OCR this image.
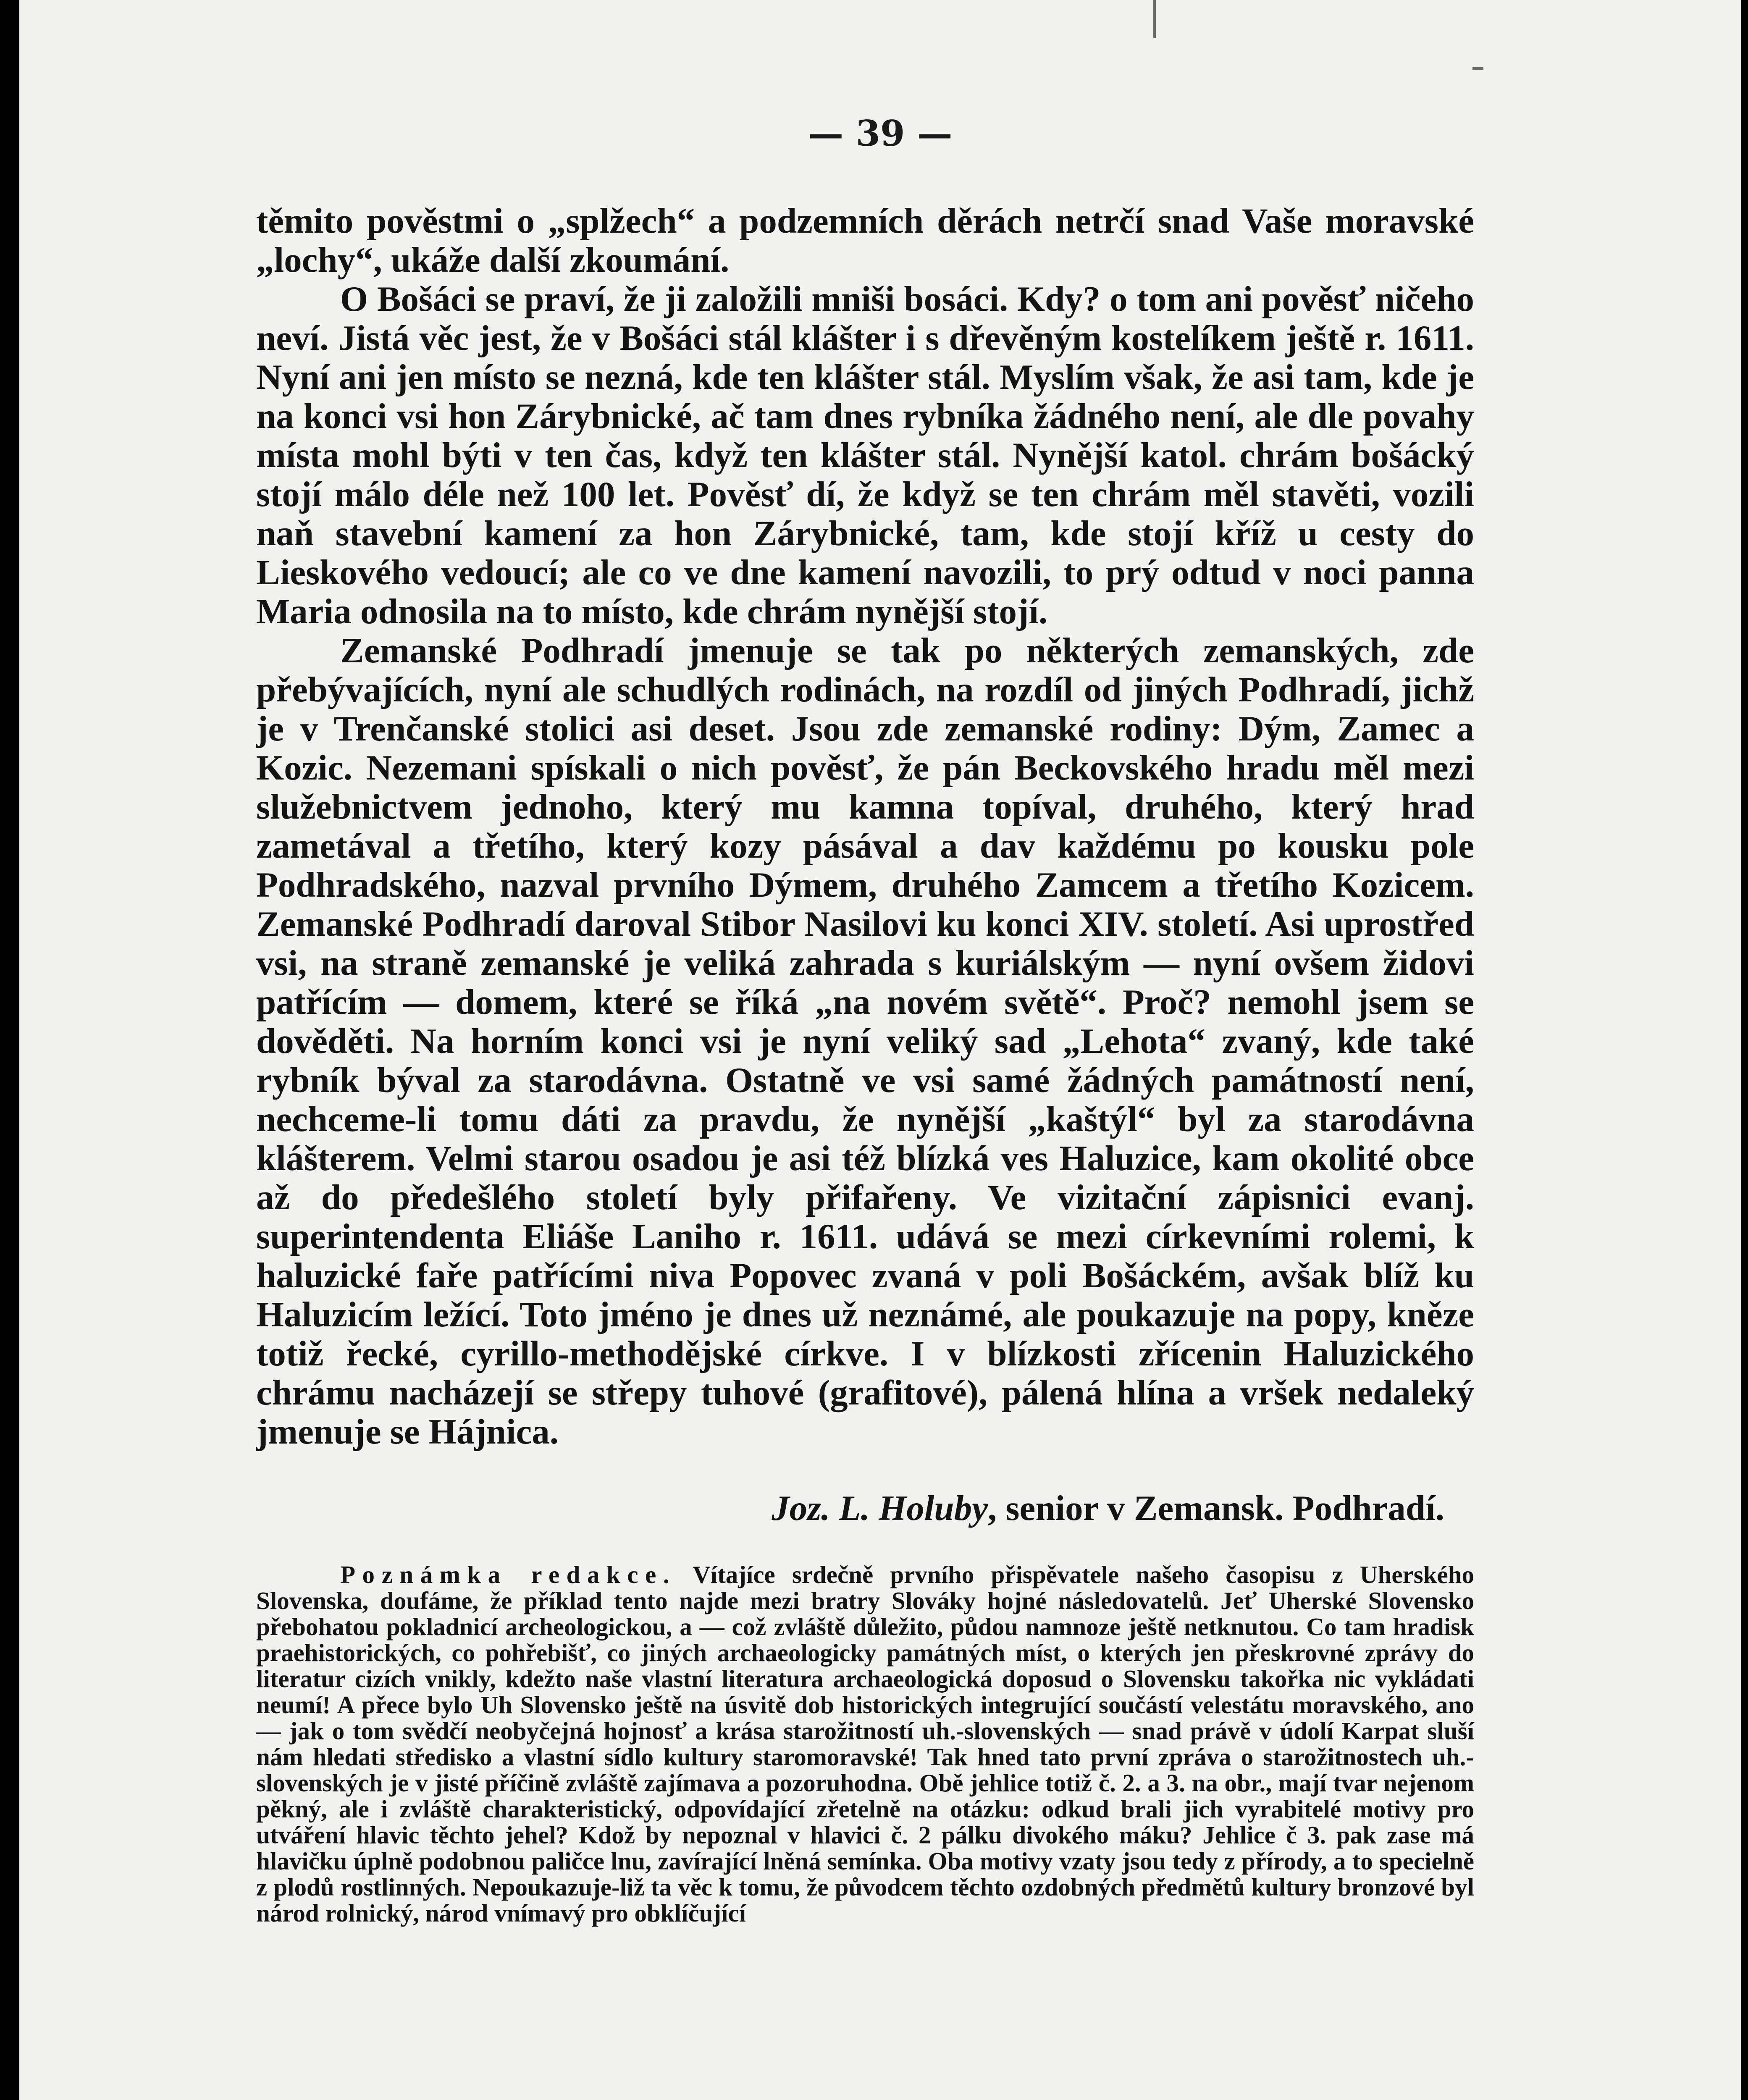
— 39 —

těmito pověstmi o „splžech“ a podzemních děrách netrčí snad Vaše moravské „lochy“, ukáže další zkoumání.

O Bošáci se praví, že ji založili mniši bosáci. Kdy? o tom ani pověsť ničeho neví. Jistá věc jest, že v Bošáci stál klášter i s dřevěným kostelíkem ještě r. 1611. Nyní ani jen místo se nezná, kde ten klášter stál. Myslím však, že asi tam, kde je na konci vsi hon Zárybnické, ač tam dnes rybníka žádného není, ale dle povahy místa mohl býti v ten čas, když ten klášter stál. Nynější katol. chrám bošácký stojí málo déle než 100 let. Pověsť dí, že když se ten chrám měl stavěti, vozili naň stavební kamení za hon Zárybnické, tam, kde stojí kříž u cesty do Lieskového vedoucí; ale co ve dne kamení navozili, to prý odtud v noci panna Maria odnosila na to místo, kde chrám nynější stojí.

Zemanské Podhradí jmenuje se tak po některých zemanských, zde přebývajících, nyní ale schudlých rodinách, na rozdíl od jiných Podhradí, jichž je v Trenčanské stolici asi deset. Jsou zde zemanské rodiny: Dým, Zamec a Kozic. Nezemani spískali o nich pověsť, že pán Beckovského hradu měl mezi služebnictvem jednoho, který mu kamna topíval, druhého, který hrad zametával a třetího, který kozy pásával a dav každému po kousku pole Podhradského, nazval prvního Dýmem, druhého Zamcem a třetího Kozicem. Zemanské Podhradí daroval Stibor Nasilovi ku konci XIV. století. Asi uprostřed vsi, na straně zemanské je veliká zahrada s kuriálským — nyní ovšem židovi patřícím — domem, které se říká „na novém světě“. Proč? nemohl jsem se dověděti. Na horním konci vsi je nyní veliký sad „Lehota“ zvaný, kde také rybník býval za starodávna. Ostatně ve vsi samé žádných památností není, nechceme-li tomu dáti za pravdu, že nynější „kaštýl“ byl za starodávna klášterem. Velmi starou osadou je asi též blízká ves Haluzice, kam okolité obce až do předešlého století byly přifařeny. Ve vizitační zápisnici evanj. superintendenta Eliáše Laniho r. 1611. udává se mezi církevními rolemi, k haluzické faře patřícími niva Popovec zvaná v poli Bošáckém, avšak blíž ku Haluzicím ležící. Toto jméno je dnes už neznámé, ale poukazuje na popy, kněze totiž řecké, cyrillo-methodějské církve. I v blízkosti zřícenin Haluzického chrámu nacházejí se střepy tuhové (grafitové), pálená hlína a vršek nedaleký jmenuje se Hájnica.

Joz. L. Holuby, senior v Zemansk. Podhradí.

Poznámka redakce. Vítajíce srdečně prvního přispěvatele našeho časopisu z Uherského Slovenska, doufáme, že příklad tento najde mezi bratry Slováky hojné následovatelů. Jeť Uherské Slovensko přebohatou pokladnicí archeologickou, a — což zvláště důležito, půdou namnoze ještě netknutou. Co tam hradisk praehistorických, co pohřebišť, co jiných archaeologicky památných míst, o kterých jen přeskrovné zprávy do literatur cizích vnikly, kdežto naše vlastní literatura archaeologická doposud o Slovensku takořka nic vykládati neumí! A přece bylo Uh Slovensko ještě na úsvitě dob historických integrující součástí velestátu moravského, ano — jak o tom svědčí neobyčejná hojnosť a krása starožitností uh.-slovenských — snad právě v údolí Karpat sluší nám hledati středisko a vlastní sídlo kultury staromoravské! Tak hned tato první zpráva o starožitnostech uh.-slovenských je v jisté příčině zvláště zajímava a pozoruhodna. Obě jehlice totiž č. 2. a 3. na obr., mají tvar nejenom pěkný, ale i zvláště charakteristický, odpovídající zřetelně na otázku: odkud brali jich vyrabitelé motivy pro utváření hlavic těchto jehel? Kdož by nepoznal v hlavici č. 2 pálku divokého máku? Jehlice č 3. pak zase má hlavičku úplně podobnou paličce lnu, zavírající lněná semínka. Oba motivy vzaty jsou tedy z přírody, a to specielně z plodů rostlinných. Nepoukazuje-liž ta věc k tomu, že původcem těchto ozdobných předmětů kultury bronzové byl národ rolnický, národ vnímavý pro obklíčující
